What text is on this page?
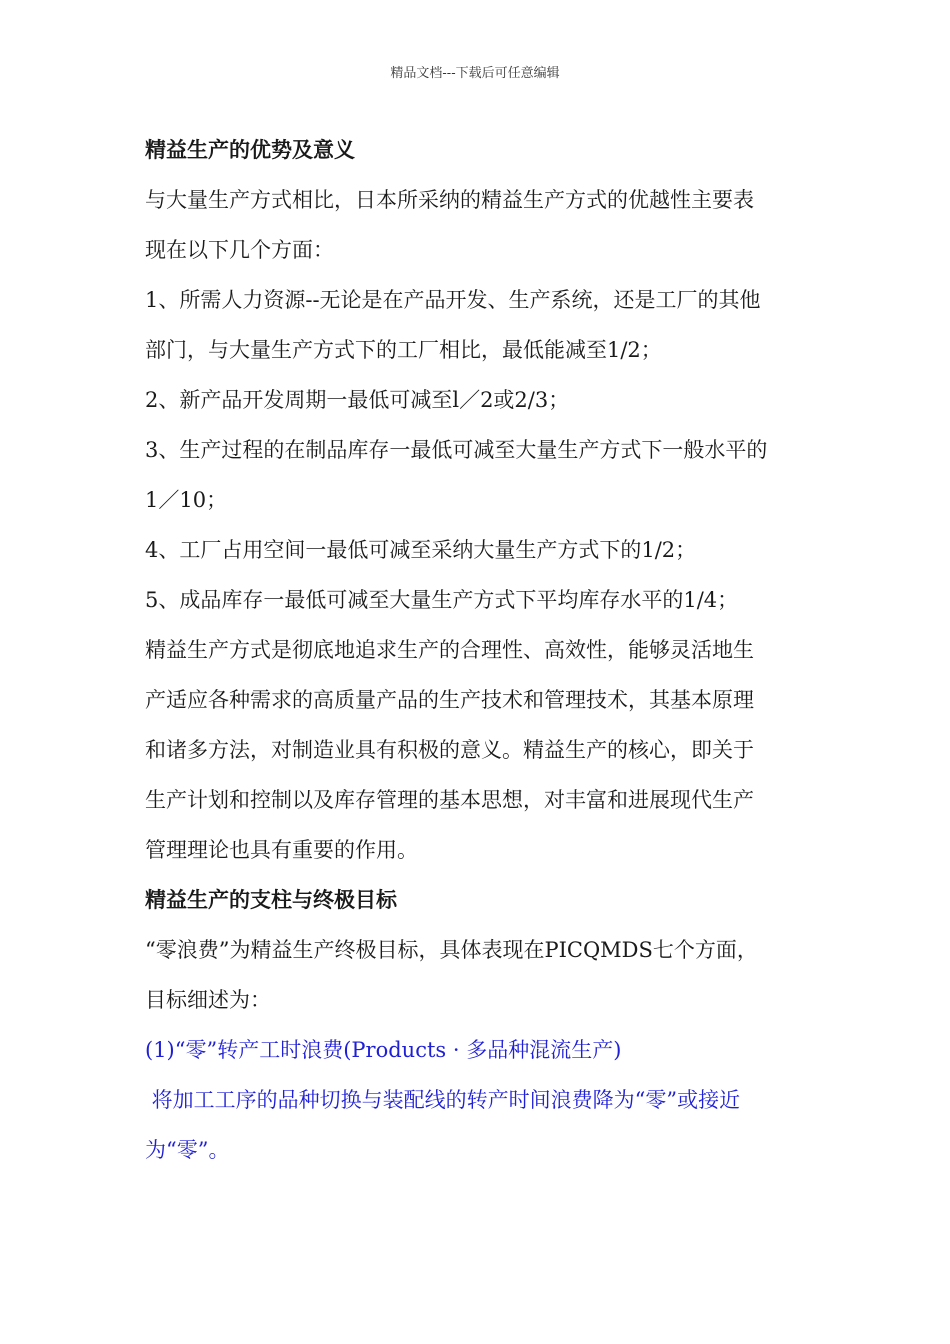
精品文档---下载后可任意编辑
精益生产的优势及意义
与大量生产方式相比，日本所采纳的精益生产方式的优越性主要表
现在以下几个方面：
1、所需人力资源--无论是在产品开发、生产系统，还是工厂的其他
部门，与大量生产方式下的工厂相比，最低能减至1/2；
2、新产品开发周期一最低可减至l／2或2/3；
3、生产过程的在制品库存一最低可减至大量生产方式下一般水平的
1／10；
4、工厂占用空间一最低可减至采纳大量生产方式下的1/2；
5、成品库存一最低可减至大量生产方式下平均库存水平的1/4；
精益生产方式是彻底地追求生产的合理性、高效性，能够灵活地生
产适应各种需求的高质量产品的生产技术和管理技术，其基本原理
和诸多方法，对制造业具有积极的意义。精益生产的核心，即关于
生产计划和控制以及库存管理的基本思想，对丰富和进展现代生产
管理理论也具有重要的作用。
精益生产的支柱与终极目标
“零浪费”为精益生产终极目标，具体表现在PICQMDS七个方面，
目标细述为：
(1)“零”转产工时浪费(Products · 多品种混流生产)
将加工工序的品种切换与装配线的转产时间浪费降为“零”或接近
为“零”。
